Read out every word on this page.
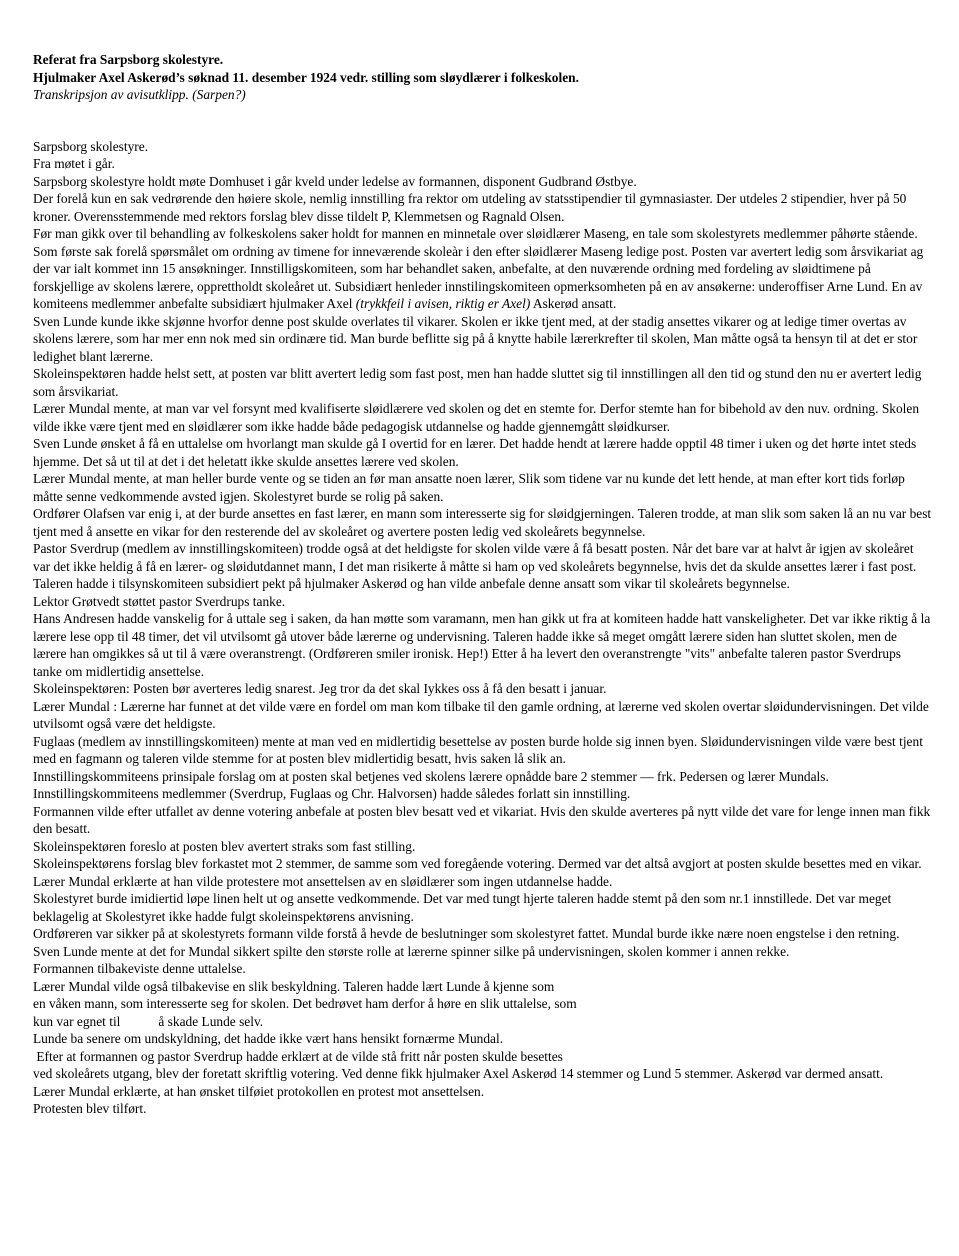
Referat fra Sarpsborg skolestyre.
Hjulmaker Axel Askerød’s søknad 11. desember 1924 vedr. stilling som sløydlærer i folkeskolen.
Transkripsjon av avisutklipp. (Sarpen?)
Sarpsborg skolestyre.
Fra møtet i går.
Sarpsborg skolestyre holdt møte Domhuset i går kveld under ledelse av formannen, disponent Gudbrand Østbye.
Der forelå kun en sak vedrørende den høiere skole, nemlig innstilling fra rektor om utdeling av statsstipendier til gymnasiaster. Der utdeles 2 stipendier, hver på 50 kroner. Overensstemmende med rektors forslag blev disse tildelt P, Klemmetsen og Ragnald Olsen.
Før man gikk over til behandling av folkeskolens saker holdt for mannen en minnetale over sløidlærer Maseng, en tale som skolestyrets medlemmer påhørte stående.
Som første sak forelå spørsmålet om ordning av timene for inneværende skoleàr i den efter sløidlærer Maseng ledige post. Posten var avertert ledig som årsvikariat ag der var ialt kommet inn 15 ansøkninger. Innstilligskomiteen, som har behandlet saken, anbefalte, at den nuværende ordning med fordeling av sløidtimene på forskjellige av skolens lærere, opprettholdt skoleåret ut. Subsidiært henleder innstilingskomiteen opmerksomheten på en av ansøkerne: underoffiser Arne Lund. En av komiteens medlemmer anbefalte subsidiært hjulmaker Axel (trykkfeil i avisen, riktig er Axel) Askerød ansatt.
Sven Lunde kunde ikke skjønne hvorfor denne post skulde overlates til vikarer. Skolen er ikke tjent med, at der stadig ansettes vikarer og at ledige timer overtas av skolens lærere, som har mer enn nok med sin ordinære tid. Man burde beflitte sig på å knytte habile lærerkrefter til skolen, Man måtte også ta hensyn til at det er stor ledighet blant lærerne.
Skoleinspektøren hadde helst sett, at posten var blitt avertert ledig som fast post, men han hadde sluttet sig til innstillingen all den tid og stund den nu er avertert ledig som årsvikariat.
Lærer Mundal mente, at man var vel forsynt med kvalifiserte sløidlærere ved skolen og det en stemte for. Derfor stemte han for bibehold av den nuv. ordning. Skolen vilde ikke være tjent med en sløidlærer som ikke hadde både pedagogisk utdannelse og hadde gjennemgått sløidkurser.
Sven Lunde ønsket å få en uttalelse om hvorlangt man skulde gå I overtid for en lærer. Det hadde hendt at lærere hadde opptil 48 timer i uken og det hørte intet steds hjemme. Det så ut til at det i det heletatt ikke skulde ansettes lærere ved skolen.
Lærer Mundal mente, at man heller burde vente og se tiden an før man ansatte noen lærer, Slik som tidene var nu kunde det lett hende, at man efter kort tids forløp måtte senne vedkommende avsted igjen. Skolestyret burde se rolig på saken.
Ordfører Olafsen var enig i, at der burde ansettes en fast lærer, en mann som interesserte sig for sløidgjerningen. Taleren trodde, at man slik som saken lå an nu var best tjent med å ansette en vikar for den resterende del av skoleåret og avertere posten ledig ved skoleårets begynnelse.
Pastor Sverdrup (medlem av innstillingskomiteen) trodde også at det heldigste for skolen vilde være å få besatt posten. Når det bare var at halvt år igjen av skoleåret var det ikke heldig å få en lærer- og sløidutdannet mann, I det man risikerte å måtte si ham op ved skoleårets begynnelse, hvis det da skulde ansettes lærer i fast post. Taleren hadde i tilsynskomiteen subsidiert pekt på hjulmaker Askerød og han vilde anbefale denne ansatt som vikar til skoleårets begynnelse.
Lektor Grøtvedt støttet pastor Sverdrups tanke.
Hans Andresen hadde vanskelig for å uttale seg i saken, da han møtte som varamann, men han gikk ut fra at komiteen hadde hatt vanskeligheter. Det var ikke riktig å la lærere lese opp til 48 timer, det vil utvilsomt gå utover både lærerne og undervisning. Taleren hadde ikke så meget omgått lærere siden han sluttet skolen, men de lærere han omgikkes så ut til å være overanstrengt. (Ordføreren smiler ironisk. Hep!) Etter å ha levert den overanstrengte "vits" anbefalte taleren pastor Sverdrups tanke om midlertidig ansettelse.
Skoleinspektøren: Posten bør averteres ledig snarest. Jeg tror da det skal Iykkes oss å få den besatt i januar.
Lærer Mundal : Lærerne har funnet at det vilde være en fordel om man kom tilbake til den gamle ordning, at lærerne ved skolen overtar sløidundervisningen. Det vilde utvilsomt også være det heldigste.
Fuglaas (medlem av innstillingskomiteen) mente at man ved en midlertidig besettelse av posten burde holde sig innen byen. Sløidundervisningen vilde være best tjent med en fagmann og taleren vilde stemme for at posten blev midlertidig besatt, hvis saken lå slik an.
Innstillingskommiteens prinsipale forslag om at posten skal betjenes ved skolens lærere opnådde bare 2 stemmer — frk. Pedersen og lærer Mundals. Innstillingskommiteens medlemmer (Sverdrup, Fuglaas og Chr. Halvorsen) hadde således forlatt sin innstilling.
Formannen vilde efter utfallet av denne votering anbefale at posten blev besatt ved et vikariat. Hvis den skulde averteres på nytt vilde det vare for lenge innen man fikk den besatt.
Skoleinspektøren foreslo at posten blev avertert straks som fast stilling.
Skoleinspektørens forslag blev forkastet mot 2 stemmer, de samme som ved foregående votering. Dermed var det altså avgjort at posten skulde besettes med en vikar.
Lærer Mundal erklærte at han vilde protestere mot ansettelsen av en sløidlærer som ingen utdannelse hadde.
Skolestyret burde imidiertid løpe linen helt ut og ansette vedkommende. Det var med tungt hjerte taleren hadde stemt på den som nr.1 innstillede. Det var meget beklagelig at Skolestyret ikke hadde fulgt skoleinspektørens anvisning.
Ordføreren var sikker på at skolestyrets formann vilde forstå å hevde de beslutninger som skolestyret fattet. Mundal burde ikke nære noen engstelse i den retning.
Sven Lunde mente at det for Mundal sikkert spilte den største rolle at lærerne spinner silke på undervisningen, skolen kommer i annen rekke.
Formannen tilbakeviste denne uttalelse.
Lærer Mundal vilde også tilbakevise en slik beskyldning. Taleren hadde lært Lunde å kjenne som
en våken mann, som interesserte seg for skolen. Det bedrøvet ham derfor å høre en slik uttalelse, som
kun var egnet til	å skade Lunde selv.
Lunde ba senere om undskyldning, det hadde ikke vært hans hensikt fornærme Mundal.
Efter at formannen og pastor Sverdrup hadde erklært at de vilde stå fritt når posten skulde besettes
ved skoleårets utgang, blev der foretatt skriftlig votering. Ved denne fikk hjulmaker Axel Askerød 14 stemmer og Lund 5 stemmer. Askerød var dermed ansatt.
Lærer Mundal erklærte, at han ønsket tilføiet protokollen en protest mot ansettelsen.
Protesten blev tilført.
